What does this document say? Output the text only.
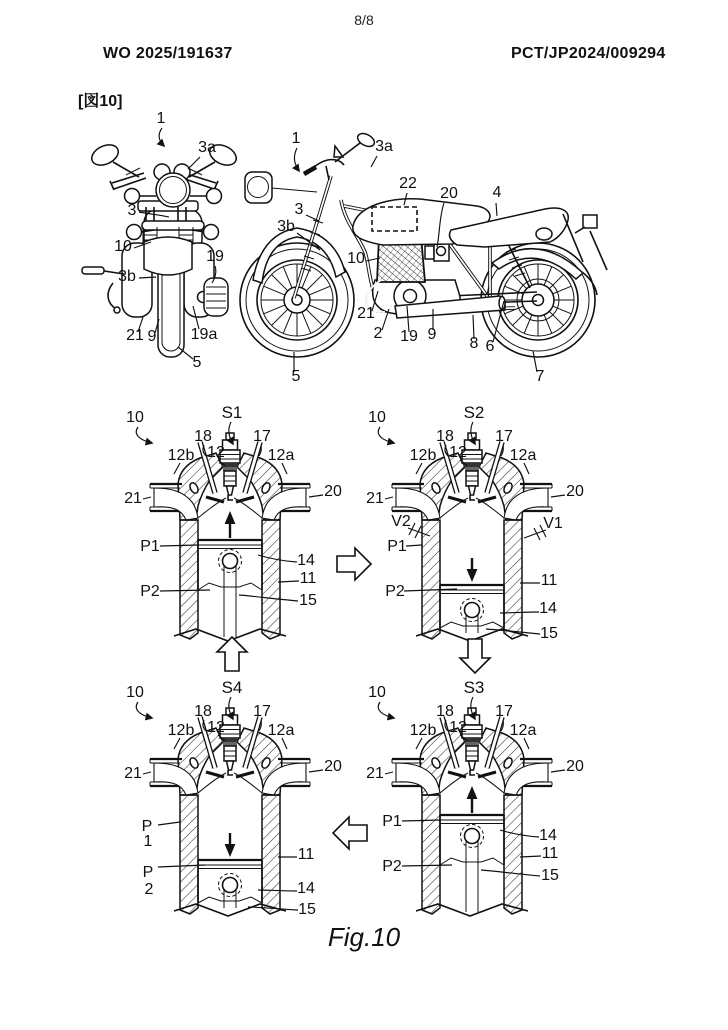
8/8
WO 2025/191637	PCT/JP2024/009294
[図10]
Fig.10
1
3a
3
10
3b
19
21 9 19a
5
1	3a
22
20 4
3
3b
10
21
2 19 9
8 6
5	7
10	S1
18	17
12b 12	12a
21	20
P1
P2
14
11
15
10	S2
18	17
12b 12	12a
21	20
V2	V1
P1
P2
11
14
15
10	S4
18	17
12b 12	12a
21	20
P
1
P
2
11
14
15
10	S3
18	17
12b 12	12a
21	20
P1
P2
14
11
15
